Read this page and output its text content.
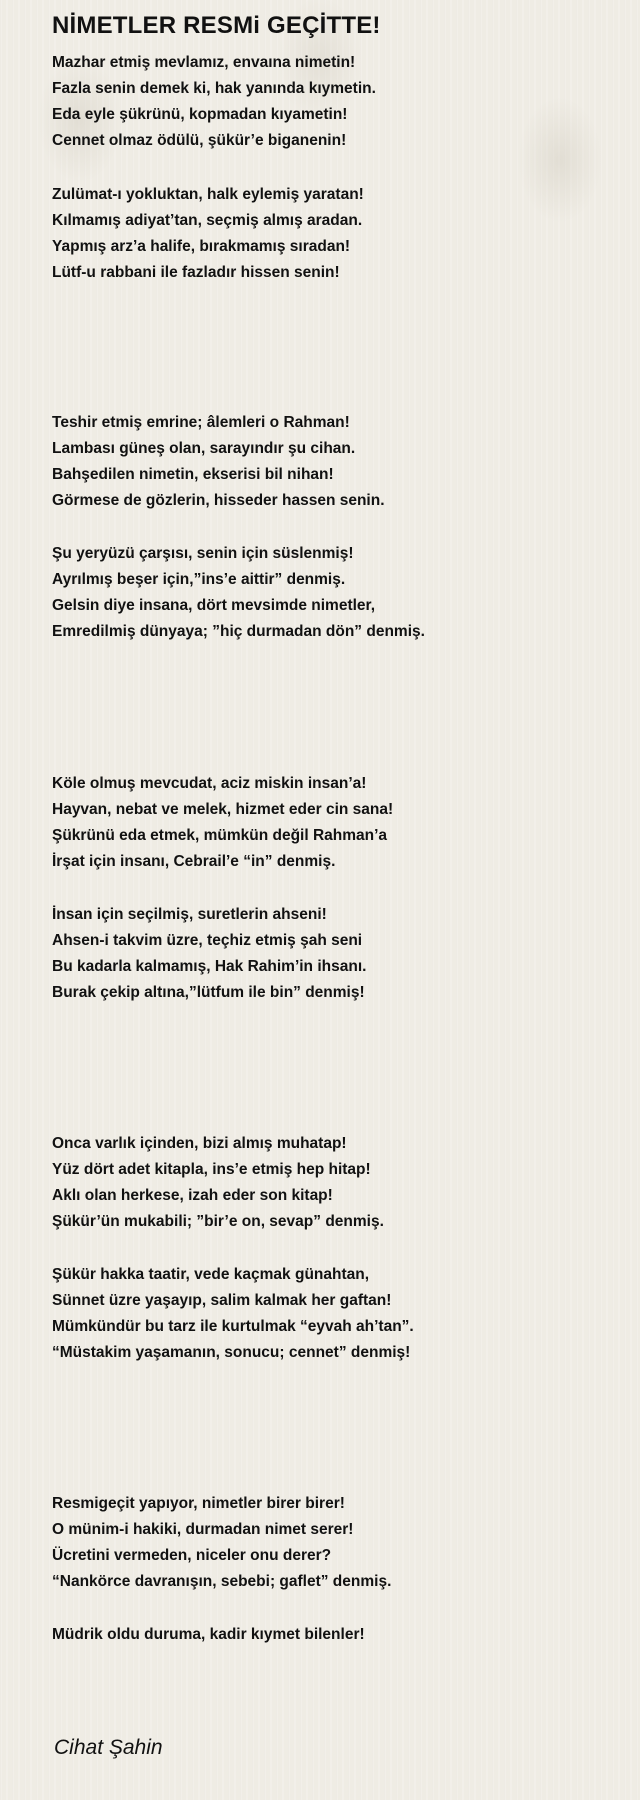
NİMETLER RESMi GEÇİTTE!
Mazhar etmiş mevlamız, envaına nimetin!
Fazla senin demek ki, hak yanında kıymetin.
Eda eyle şükrünü, kopmadan kıyametin!
Cennet olmaz ödülü, şükür’e biganenin!
Zulümat-ı yokluktan, halk eylemiş yaratan!
Kılmamış adiyat’tan, seçmiş almış aradan.
Yapmış arz’a halife, bırakmamış sıradan!
Lütf-u rabbani ile fazladır hissen senin!
Teshir etmiş emrine; âlemleri o Rahman!
Lambası güneş olan, sarayındır şu cihan.
Bahşedilen nimetin, ekserisi bil nihan!
Görmese de gözlerin, hisseder hassen senin.
Şu yeryüzü çarşısı, senin için süslenmiş!
Ayrılmış beşer için,”ins’e aittir” denmiş.
Gelsin diye insana, dört mevsimde nimetler,
Emredilmiş dünyaya; ”hiç durmadan dön” denmiş.
Köle olmuş mevcudat, aciz miskin insan’a!
Hayvan, nebat ve melek, hizmet eder cin sana!
Şükrünü eda etmek, mümkün değil Rahman’a
İrşat için insanı, Cebrail’e “in” denmiş.
İnsan için seçilmiş, suretlerin ahseni!
Ahsen-i takvim üzre, teçhiz etmiş şah seni
Bu kadarla kalmamış, Hak Rahim’in ihsanı.
Burak çekip altına,”lütfum ile bin” denmiş!
Onca varlık içinden, bizi almış muhatap!
Yüz dört adet kitapla, ins’e etmiş hep hitap!
Aklı olan herkese, izah eder son kitap!
Şükür’ün mukabili; ”bir’e on, sevap” denmiş.
Şükür hakka taatir, vede kaçmak günahtan,
Sünnet üzre yaşayıp, salim kalmak her gaftan!
Mümkündür bu tarz ile kurtulmak “eyvah ah’tan”.
“Müstakim yaşamanın, sonucu; cennet” denmiş!
Resmigeçit yapıyor, nimetler birer birer!
O münim-i hakiki, durmadan nimet serer!
Ücretini vermeden, niceler onu derer?
“Nankörce davranışın, sebebi; gaflet” denmiş.
Müdrik oldu duruma, kadir kıymet bilenler!
Cihat Şahin
